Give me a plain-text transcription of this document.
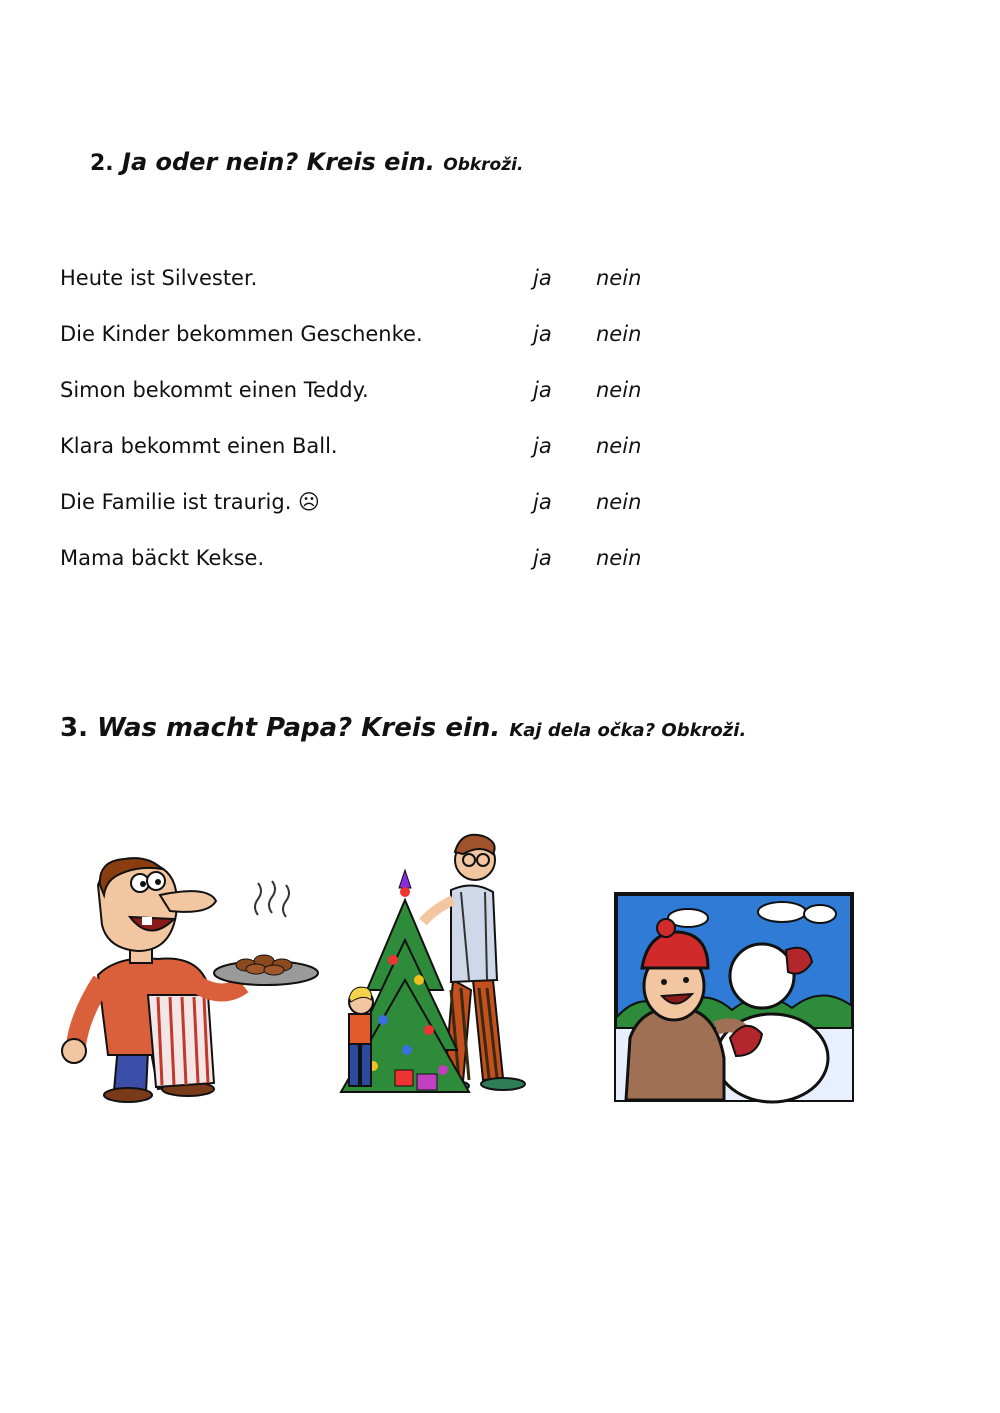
2. Ja oder nein? Kreis ein. Obkroži.
Heute ist Silvester.	ja nein
Die Kinder bekommen Geschenke.	ja nein
Simon bekommt einen Teddy.	ja nein
Klara bekommt einen Ball.	ja nein
Die Familie ist traurig. ☹	ja nein
Mama bäckt Kekse.	ja nein
3. Was macht Papa? Kreis ein. Kaj dela očka? Obkroži.
